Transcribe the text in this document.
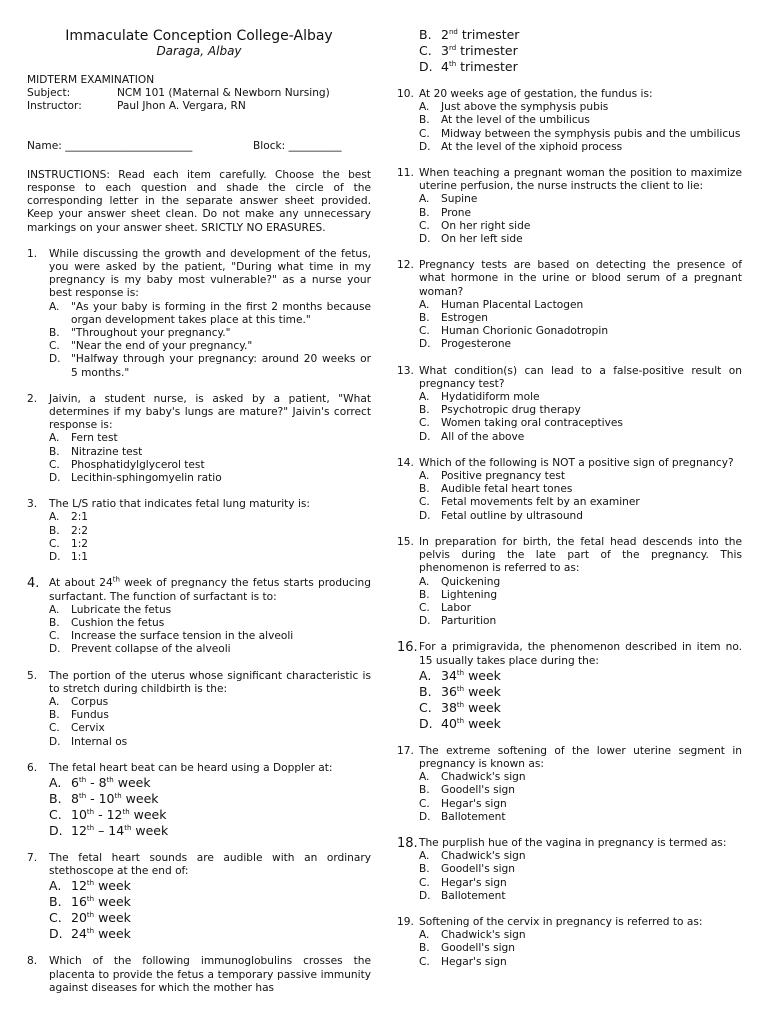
Immaculate Conception College-Albay
Daraga, Albay
MIDTERM EXAMINATION
Subject:	NCM 101 (Maternal & Newborn Nursing)
Instructor:	Paul Jhon A. Vergara, RN
Name: ________________________	Block: __________
INSTRUCTIONS: Read each item carefully. Choose the best response to each question and shade the circle of the corresponding letter in the separate answer sheet provided. Keep your answer sheet clean. Do not make any unnecessary markings on your answer sheet. SRICTLY NO ERASURES.
1.	While discussing the growth and development of the fetus, you were asked by the patient, "During what time in my pregnancy is my baby most vulnerable?" as a nurse your best response is:
A.	"As your baby is forming in the first 2 months because organ development takes place at this time."
B.	"Throughout your pregnancy."
C.	"Near the end of your pregnancy."
D. "Halfway through your pregnancy: around 20 weeks or 5 months."
2.	Jaivin, a student nurse, is asked by a patient, "What determines if my baby's lungs are mature?" Jaivin's correct response is:
A.	Fern test
B.	Nitrazine test
C.	Phosphatidylglycerol test
D. Lecithin-sphingomyelin ratio
3.	The L/S ratio that indicates fetal lung maturity is:
A.	2:1
B.	2:2
C.	1:2
D. 1:1
4. At about 24th week of pregnancy the fetus starts producing surfactant. The function of surfactant is to:
A.	Lubricate the fetus
B.	Cushion the fetus
C.	Increase the surface tension in the alveoli
D. Prevent collapse of the alveoli
5.	The portion of the uterus whose significant characteristic is to stretch during childbirth is the:
A.	Corpus
B.	Fundus
C.	Cervix
D. Internal os
6.	The fetal heart beat can be heard using a Doppler at:
A. 6th - 8th week
B. 8th - 10th week
C. 10th - 12th week
D. 12th – 14th week
7.	The fetal heart sounds are audible with an ordinary stethoscope at the end of:
A. 12th week
B. 16th week
C. 20th week
D. 24th week
8.	Which of the following immunoglobulins crosses the placenta to provide the fetus a temporary passive immunity against diseases for which the mother has
B. 2nd trimester
C. 3rd trimester
D. 4th trimester
10. At 20 weeks age of gestation, the fundus is:
A.	Just above the symphysis pubis
B.	At the level of the umbilicus
C.	Midway between the symphysis pubis and the umbilicus
D. At the level of the xiphoid process
11. When teaching a pregnant woman the position to maximize uterine perfusion, the nurse instructs the client to lie:
A.	Supine
B.	Prone
C.	On her right side
D. On her left side
12. Pregnancy tests are based on detecting the presence of what hormone in the urine or blood serum of a pregnant woman?
A.	Human Placental Lactogen
B.	Estrogen
C.	Human Chorionic Gonadotropin
D. Progesterone
13. What condition(s) can lead to a false-positive result on pregnancy test?
A.	Hydatidiform mole
B.	Psychotropic drug therapy
C.	Women taking oral contraceptives
D. All of the above
14. Which of the following is NOT a positive sign of pregnancy?
A.	Positive pregnancy test
B.	Audible fetal heart tones
C.	Fetal movements felt by an examiner
D. Fetal outline by ultrasound
15. In preparation for birth, the fetal head descends into the pelvis during the late part of the pregnancy. This phenomenon is referred to as:
A.	Quickening
B.	Lightening
C.	Labor
D. Parturition
16. For a primigravida, the phenomenon described in item no. 15 usually takes place during the:
A. 34th week
B. 36th week
C. 38th week
D. 40th week
17. The extreme softening of the lower uterine segment in pregnancy is known as:
A.	Chadwick's sign
B.	Goodell's sign
C.	Hegar's sign
D. Ballotement
18. The purplish hue of the vagina in pregnancy is termed as:
A.	Chadwick's sign
B.	Goodell's sign
C.	Hegar's sign
D. Ballotement
19. Softening of the cervix in pregnancy is referred to as:
A.	Chadwick's sign
B.	Goodell's sign
C.	Hegar's sign
